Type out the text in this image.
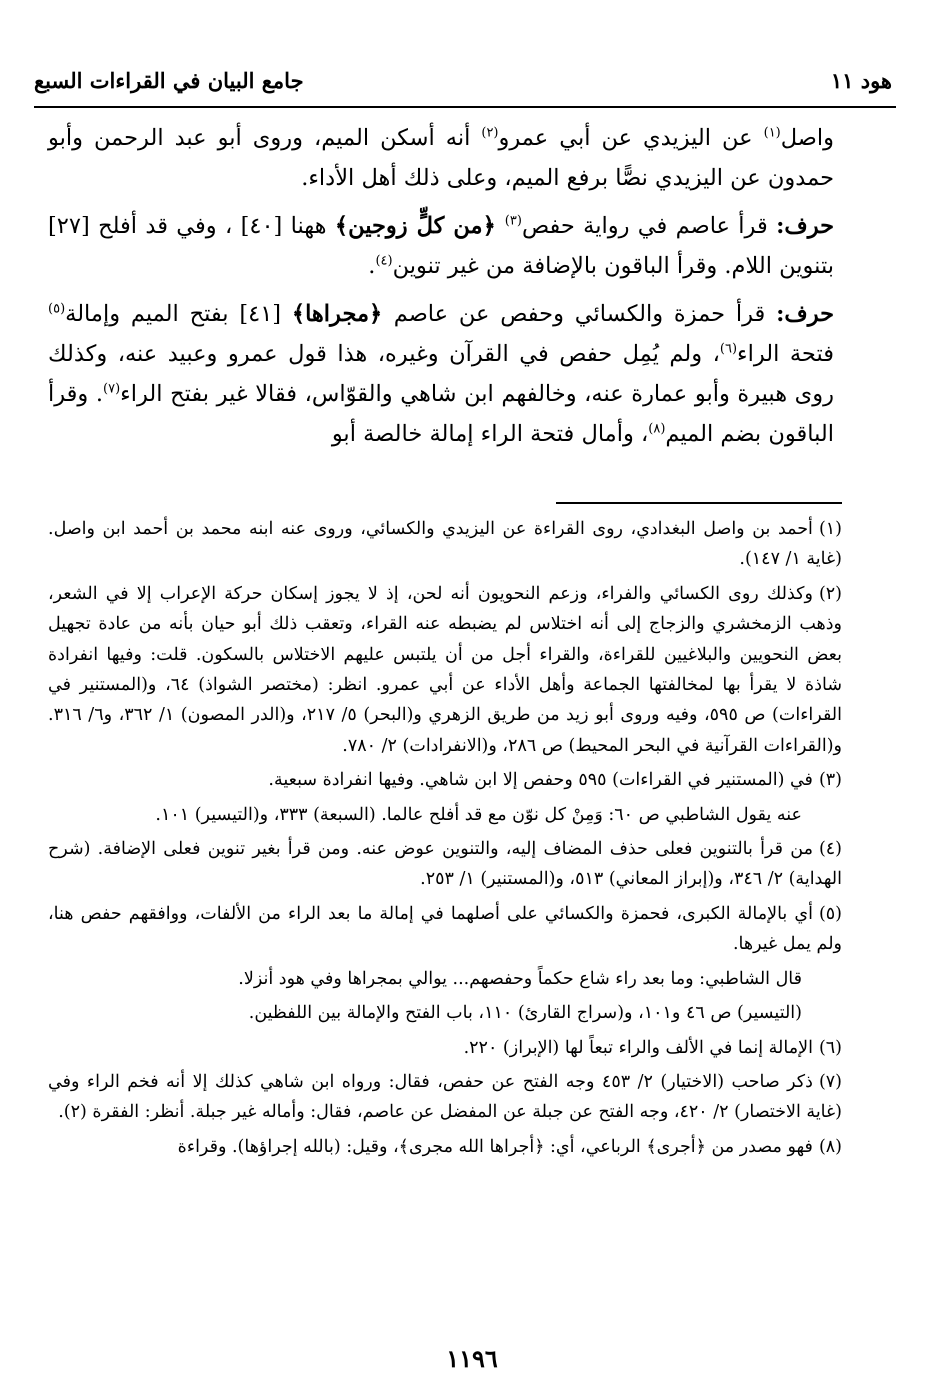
هود ١١
جامع البيان في القراءات السبع

واصل$^{(١)}$ عن اليزيدي عن أبي عمرو$^{(٢)}$ أنه أسكن الميم، وروى أبو عبد الرحمن وأبو حمدون عن اليزيدي نصًّا برفع الميم، وعلى ذلك أهل الأداء.

حرف: قرأ عاصم في رواية حفص$^{(٣)}$ ﴿من كلٍّ زوجين﴾ ههنا [٤٠] ، وفي قد أفلح [٢٧] بتنوين اللام. وقرأ الباقون بالإضافة من غير تنوين$^{(٤)}$.

حرف: قرأ حمزة والكسائي وحفص عن عاصم ﴿مجراها﴾ [٤١] بفتح الميم وإمالة$^{(٥)}$ فتحة الراء$^{(٦)}$، ولم يُمِل حفص في القرآن وغيره، هذا قول عمرو وعبيد عنه، وكذلك روى هبيرة وأبو عمارة عنه، وخالفهم ابن شاهي والقوّاس، فقالا غير بفتح الراء$^{(٧)}$. وقرأ الباقون بضم الميم$^{(٨)}$، وأمال فتحة الراء إمالة خالصة أبو

(١)أحمد بن واصل البغدادي، روى القراءة عن اليزيدي والكسائي، وروى عنه ابنه محمد بن أحمد ابن واصل. (غاية ١/ ١٤٧).

(٢)وكذلك روى الكسائي والفراء، وزعم النحويون أنه لحن، إذ لا يجوز إسكان حركة الإعراب إلا في الشعر، وذهب الزمخشري والزجاج إلى أنه اختلاس لم يضبطه عنه القراء، وتعقب ذلك أبو حيان بأنه من عادة تجهيل بعض النحويين والبلاغيين للقراءة، والقراء أجل من أن يلتبس عليهم الاختلاس بالسكون. قلت: وفيها انفرادة شاذة لا يقرأ بها لمخالفتها الجماعة وأهل الأداء عن أبي عمرو. انظر: (مختصر الشواذ) ٦٤، و(المستنير في القراءات) ص ٥٩٥، وفيه وروى أبو زيد من طريق الزهري و(البحر) ٥/ ٢١٧، و(الدر المصون) ١/ ٣٦٢، و٦/ ٣١٦. و(القراءات القرآنية في البحر المحيط) ص ٢٨٦، و(الانفرادات) ٢/ ٧٨٠.

(٣)في (المستنير في القراءات) ٥٩٥ وحفص إلا ابن شاهي. وفيها انفرادة سبعية.

عنه يقول الشاطبي ص ٦٠: وَمِنْ كل نوّن مع قد أفلح عالما. (السبعة) ٣٣٣، و(التيسير) ١٠١.

(٤)من قرأ بالتنوين فعلى حذف المضاف إليه، والتنوين عوض عنه. ومن قرأ بغير تنوين فعلى الإضافة. (شرح الهداية) ٢/ ٣٤٦، و(إبراز المعاني) ٥١٣، و(المستنير) ١/ ٢٥٣.

(٥)أي بالإمالة الكبرى، فحمزة والكسائي على أصلهما في إمالة ما بعد الراء من الألفات، ووافقهم حفص هنا، ولم يمل غيرها.

قال الشاطبي: وما بعد راء شاع حكماً وحفصهم... يوالي بمجراها وفي هود أنزلا.

(التيسير) ص ٤٦ و١٠١، و(سراج القارئ) ١١٠، باب الفتح والإمالة بين اللفظين.

(٦)الإمالة إنما في الألف والراء تبعاً لها (الإبراز) ٢٢٠.

(٧)ذكر صاحب (الاختيار) ٢/ ٤٥٣ وجه الفتح عن حفص، فقال: ورواه ابن شاهي كذلك إلا أنه فخم الراء وفي (غاية الاختصار) ٢/ ٤٢٠، وجه الفتح عن جبلة عن المفضل عن عاصم، فقال: وأماله غير جبلة. أنظر: الفقرة (٢).

(٨)فهو مصدر من ﴿أجرى﴾ الرباعي، أي: ﴿أجراها الله مجرى﴾، وقيل: (بالله إجراؤها). وقراءة

١١٩٦
